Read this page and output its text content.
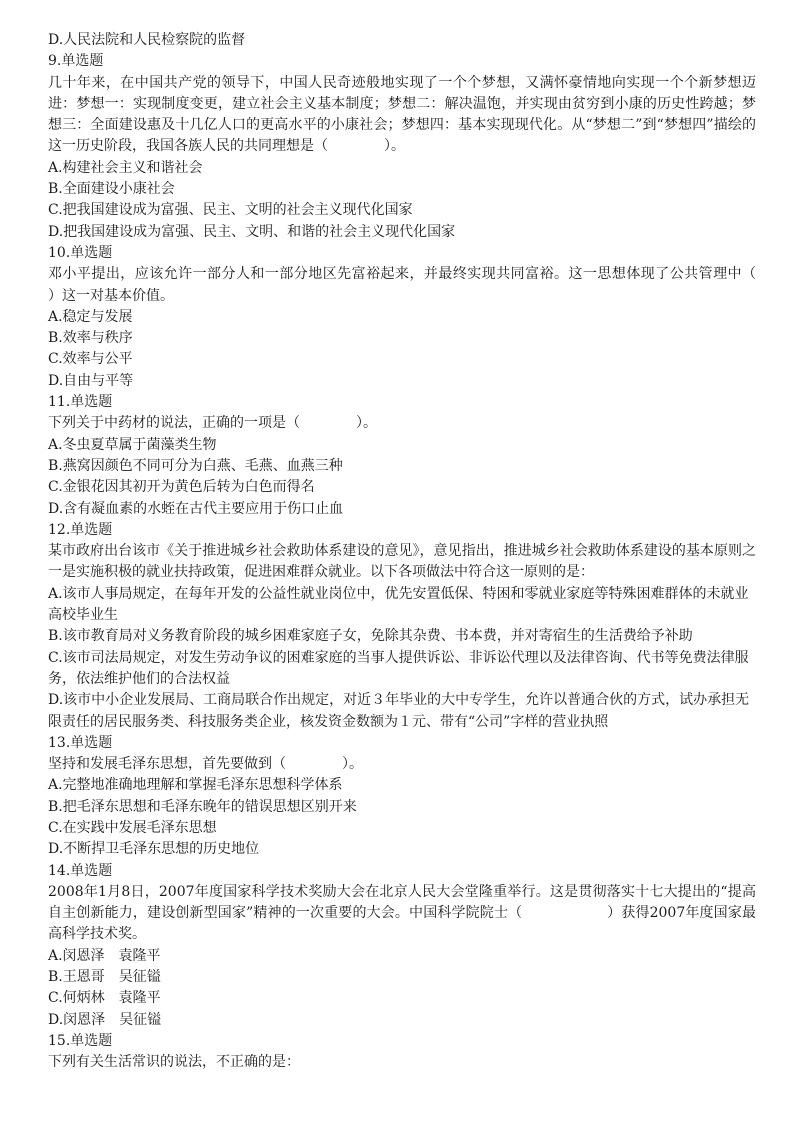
D.人民法院和人民检察院的监督

9.单选题

几十年来，在中国共产党的领导下，中国人民奇迹般地实现了一个个梦想，又满怀豪情地向实现一个个新梦想迈进：梦想一：实现制度变更，建立社会主义基本制度；梦想二：解决温饱，并实现由贫穷到小康的历史性跨越；梦想三：全面建设惠及十几亿人口的更高水平的小康社会；梦想四：基本实现现代化。从“梦想二”到“梦想四”描绘的这一历史阶段，我国各族人民的共同理想是（　　　　）。

A.构建社会主义和谐社会

B.全面建设小康社会

C.把我国建设成为富强、民主、文明的社会主义现代化国家

D.把我国建设成为富强、民主、文明、和谐的社会主义现代化国家

10.单选题

邓小平提出，应该允许一部分人和一部分地区先富裕起来，并最终实现共同富裕。这一思想体现了公共管理中（　　）这一对基本价值。

A.稳定与发展

B.效率与秩序

C.效率与公平

D.自由与平等

11.单选题

下列关于中药材的说法，正确的一项是（　　　　）。

A.冬虫夏草属于菌藻类生物

B.燕窝因颜色不同可分为白燕、毛燕、血燕三种

C.金银花因其初开为黄色后转为白色而得名

D.含有凝血素的水蛭在古代主要应用于伤口止血

12.单选题

某市政府出台该市《关于推进城乡社会救助体系建设的意见》，意见指出，推进城乡社会救助体系建设的基本原则之一是实施积极的就业扶持政策，促进困难群众就业。以下各项做法中符合这一原则的是：

A.该市人事局规定，在每年开发的公益性就业岗位中，优先安置低保、特困和零就业家庭等特殊困难群体的未就业高校毕业生

B.该市教育局对义务教育阶段的城乡困难家庭子女，免除其杂费、书本费，并对寄宿生的生活费给予补助

C.该市司法局规定，对发生劳动争议的困难家庭的当事人提供诉讼、非诉讼代理以及法律咨询、代书等免费法律服务，依法维护他们的合法权益

D.该市中小企业发展局、工商局联合作出规定，对近３年毕业的大中专学生，允许以普通合伙的方式，试办承担无限责任的居民服务类、科技服务类企业，核发资金数额为１元、带有“公司”字样的营业执照

13.单选题

坚持和发展毛泽东思想，首先要做到（　　　　）。

A.完整地准确地理解和掌握毛泽东思想科学体系

B.把毛泽东思想和毛泽东晚年的错误思想区别开来

C.在实践中发展毛泽东思想

D.不断捍卫毛泽东思想的历史地位

14.单选题

2008年1月8日，2007年度国家科学技术奖励大会在北京人民大会堂隆重举行。这是贯彻落实十七大提出的“提高自主创新能力，建设创新型国家”精神的一次重要的大会。中国科学院院士（　　　　　　）获得2007年度国家最高科学技术奖。

A.闵恩泽　袁隆平

B.王恩哥　吴征镒

C.何炳林　袁隆平

D.闵恩泽　吴征镒

15.单选题

下列有关生活常识的说法，不正确的是：
